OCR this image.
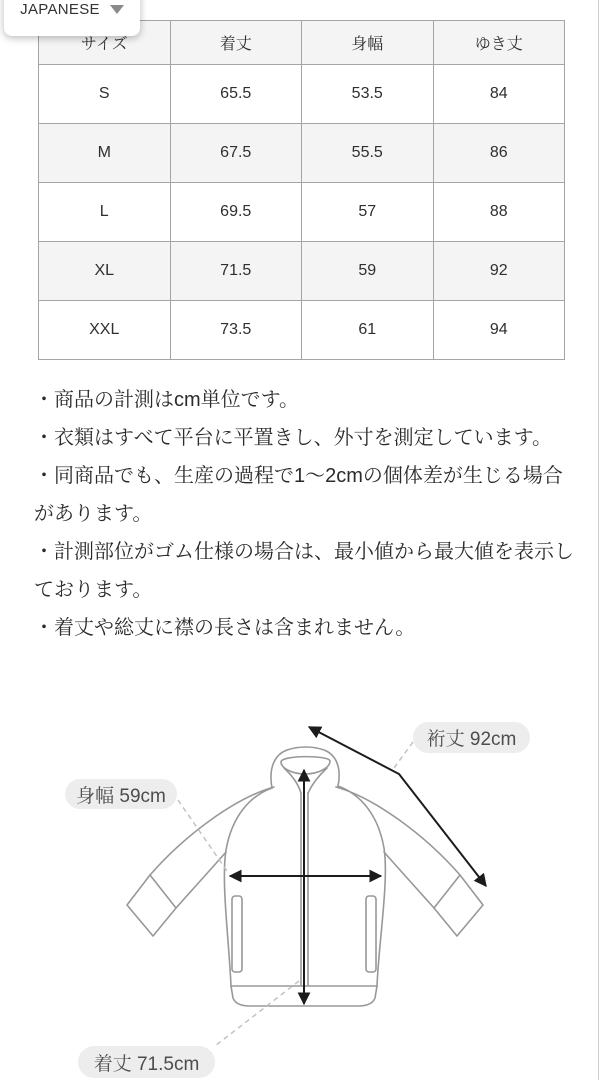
サイズ	着丈	身幅	ゆき丈
S	65.5	53.5	84
M	67.5	55.5	86
L	69.5	57	88
XL	71.5	59	92
XXL	73.5	61	94
JAPANESE
・商品の計測はcm単位です。
・衣類はすべて平台に平置きし、外寸を測定しています。
・同商品でも、生産の過程で1〜2cmの個体差が生じる場合
があります。
・計測部位がゴム仕様の場合は、最小値から最大値を表示し
ております。
・着丈や総丈に襟の長さは含まれません。
裄丈 92cm
身幅 59cm
着丈 71.5cm
